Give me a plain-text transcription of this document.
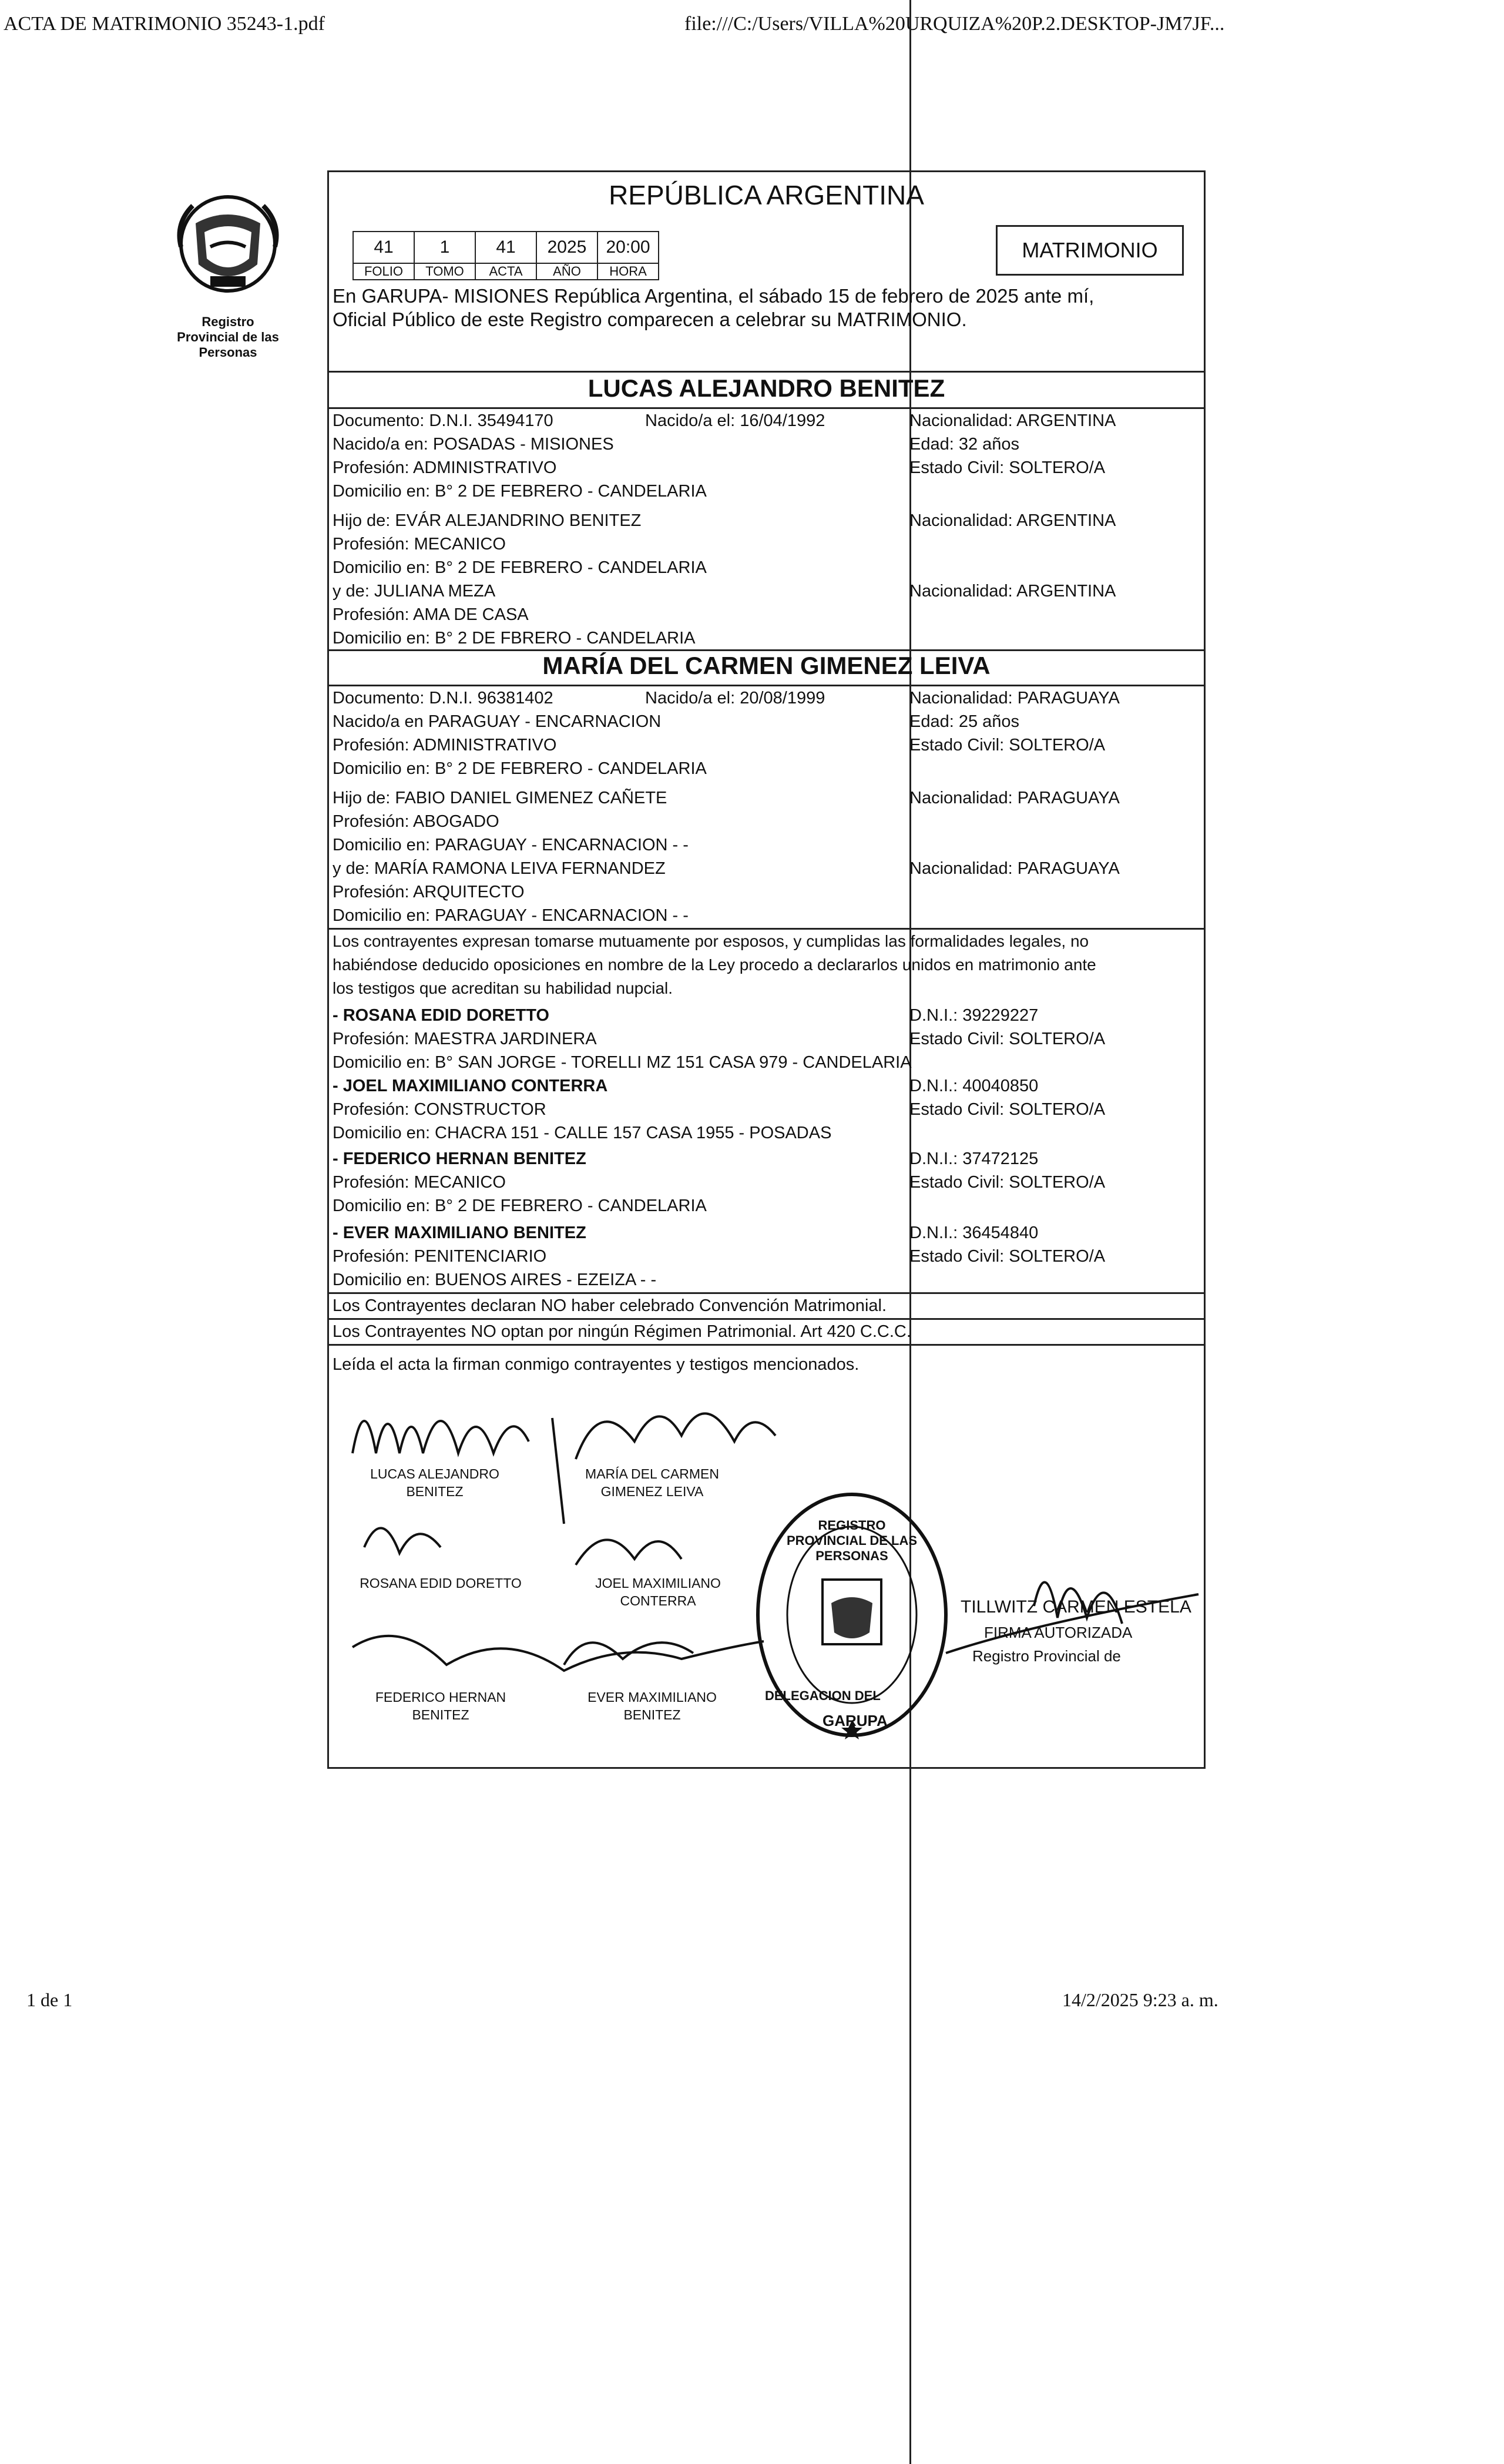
ACTA DE MATRIMONIO 35243-1.pdf	file:///C:/Users/VILLA%20URQUIZA%20P.2.DESKTOP-JM7JF...
1 de 1	14/2/2025 9:23 a. m.
Registro Provincial de las Personas
REPÚBLICA ARGENTINA
41	1	41	2025	20:00
FOLIO	TOMO	ACTA	AÑO	HORA
MATRIMONIO
En GARUPA- MISIONES República Argentina, el sábado 15 de febrero de 2025 ante mí,
Oficial Público de este Registro comparecen a celebrar su MATRIMONIO.
LUCAS ALEJANDRO BENITEZ
Documento: D.N.I. 35494170	Nacido/a el: 16/04/1992	Nacionalidad: ARGENTINA
Nacido/a en: POSADAS - MISIONES	Edad: 32 años
Profesión: ADMINISTRATIVO	Estado Civil: SOLTERO/A
Domicilio en: B° 2 DE FEBRERO - CANDELARIA
Hijo de: EVÁR ALEJANDRINO BENITEZ	Nacionalidad: ARGENTINA
Profesión: MECANICO
Domicilio en: B° 2 DE FEBRERO - CANDELARIA
y de: JULIANA MEZA	Nacionalidad: ARGENTINA
Profesión: AMA DE CASA
Domicilio en: B° 2 DE FBRERO - CANDELARIA
MARÍA DEL CARMEN GIMENEZ LEIVA
Documento: D.N.I. 96381402	Nacido/a el: 20/08/1999	Nacionalidad: PARAGUAYA
Nacido/a en PARAGUAY - ENCARNACION	Edad: 25 años
Profesión: ADMINISTRATIVO	Estado Civil: SOLTERO/A
Domicilio en: B° 2 DE FEBRERO - CANDELARIA
Hijo de: FABIO DANIEL GIMENEZ CAÑETE	Nacionalidad: PARAGUAYA
Profesión: ABOGADO
Domicilio en: PARAGUAY - ENCARNACION - -
y de: MARÍA RAMONA LEIVA FERNANDEZ	Nacionalidad: PARAGUAYA
Profesión: ARQUITECTO
Domicilio en: PARAGUAY - ENCARNACION - -
Los contrayentes expresan tomarse mutuamente por esposos, y cumplidas las formalidades legales, no
habiéndose deducido oposiciones en nombre de la Ley procedo a declararlos unidos en matrimonio ante
los testigos que acreditan su habilidad nupcial.
- ROSANA EDID DORETTO	D.N.I.: 39229227
Profesión: MAESTRA JARDINERA	Estado Civil: SOLTERO/A
Domicilio en: B° SAN JORGE - TORELLI MZ 151 CASA 979 - CANDELARIA
- JOEL MAXIMILIANO CONTERRA	D.N.I.: 40040850
Profesión: CONSTRUCTOR	Estado Civil: SOLTERO/A
Domicilio en: CHACRA 151 - CALLE 157 CASA 1955 - POSADAS
- FEDERICO HERNAN BENITEZ	D.N.I.: 37472125
Profesión: MECANICO	Estado Civil: SOLTERO/A
Domicilio en: B° 2 DE FEBRERO - CANDELARIA
- EVER MAXIMILIANO BENITEZ	D.N.I.: 36454840
Profesión: PENITENCIARIO	Estado Civil: SOLTERO/A
Domicilio en: BUENOS AIRES - EZEIZA - -
Los Contrayentes declaran NO haber celebrado Convención Matrimonial.
Los Contrayentes NO optan por ningún Régimen Patrimonial. Art 420 C.C.C.
Leída el acta la firman conmigo contrayentes y testigos mencionados.
LUCAS ALEJANDRO BENITEZ
MARÍA DEL CARMEN GIMENEZ LEIVA
ROSANA EDID DORETTO	JOEL MAXIMILIANO CONTERRA
FEDERICO HERNAN BENITEZ
EVER MAXIMILIANO BENITEZ
REGISTRO PROVINCIAL DE LAS PERSONAS
DELEGACION DEL
GARUPA
TILLWITZ CARMEN ESTELA
FIRMA AUTORIZADA
Registro Provincial de
